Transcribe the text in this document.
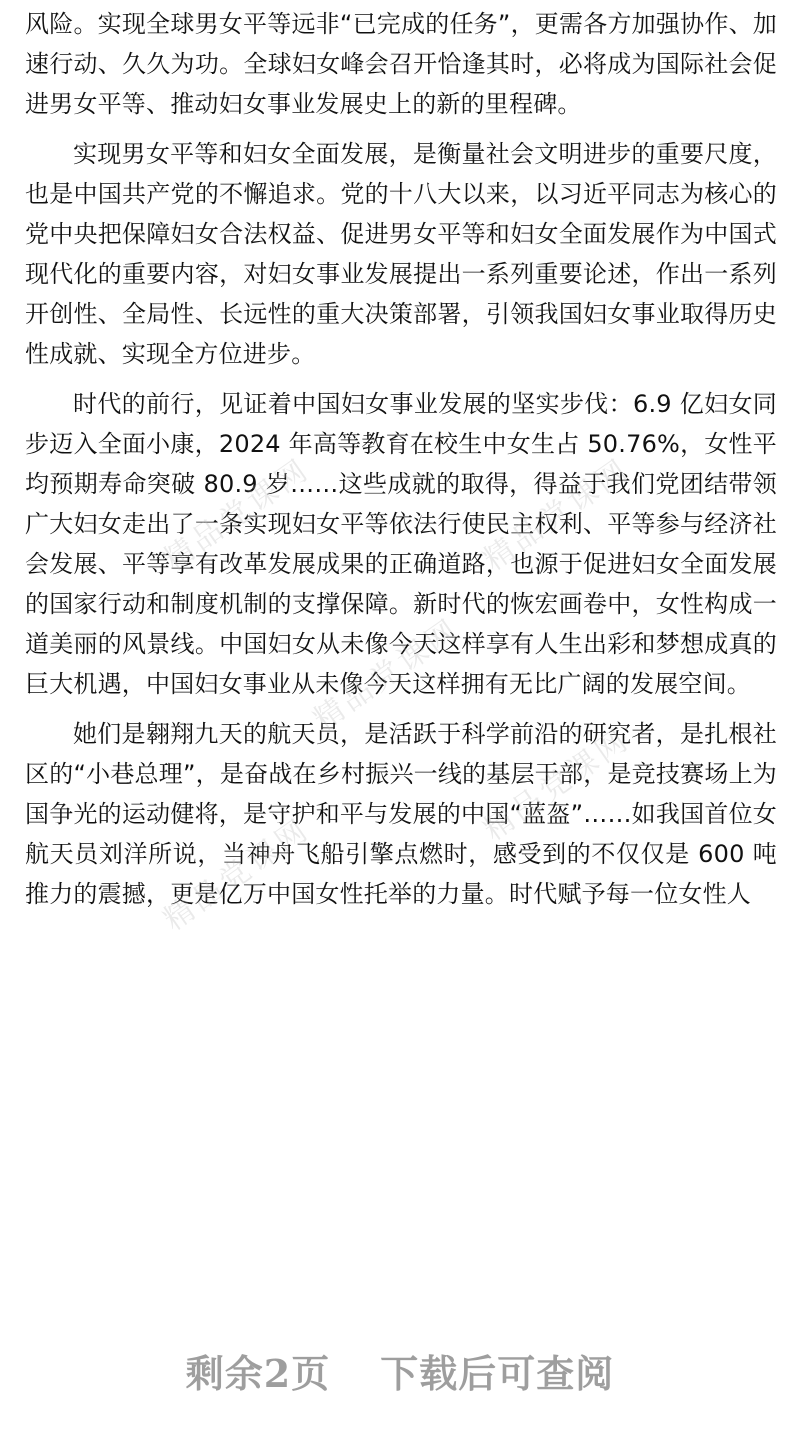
风险。实现全球男女平等远非“已完成的任务”，更需各方加强协作、加速行动、久久为功。全球妇女峰会召开恰逢其时，必将成为国际社会促进男女平等、推动妇女事业发展史上的新的里程碑。

实现男女平等和妇女全面发展，是衡量社会文明进步的重要尺度，也是中国共产党的不懈追求。党的十八大以来，以习近平同志为核心的党中央把保障妇女合法权益、促进男女平等和妇女全面发展作为中国式现代化的重要内容，对妇女事业发展提出一系列重要论述，作出一系列开创性、全局性、长远性的重大决策部署，引领我国妇女事业取得历史性成就、实现全方位进步。

时代的前行，见证着中国妇女事业发展的坚实步伐：6.9 亿妇女同步迈入全面小康，2024 年高等教育在校生中女生占 50.76%，女性平均预期寿命突破 80.9 岁……这些成就的取得，得益于我们党团结带领广大妇女走出了一条实现妇女平等依法行使民主权利、平等参与经济社会发展、平等享有改革发展成果的正确道路，也源于促进妇女全面发展的国家行动和制度机制的支撑保障。新时代的恢宏画卷中，女性构成一道美丽的风景线。中国妇女从未像今天这样享有人生出彩和梦想成真的巨大机遇，中国妇女事业从未像今天这样拥有无比广阔的发展空间。

她们是翱翔九天的航天员，是活跃于科学前沿的研究者，是扎根社区的“小巷总理”，是奋战在乡村振兴一线的基层干部，是竞技赛场上为国争光的运动健将，是守护和平与发展的中国“蓝盔”……如我国首位女航天员刘洋所说，当神舟飞船引擎点燃时，感受到的不仅仅是 600 吨推力的震撼，更是亿万中国女性托举的力量。时代赋予每一位女性人

精品党课网	精品党课网
精品党课网
精品党课网
精品党课网
剩余2页 下载后可查阅
